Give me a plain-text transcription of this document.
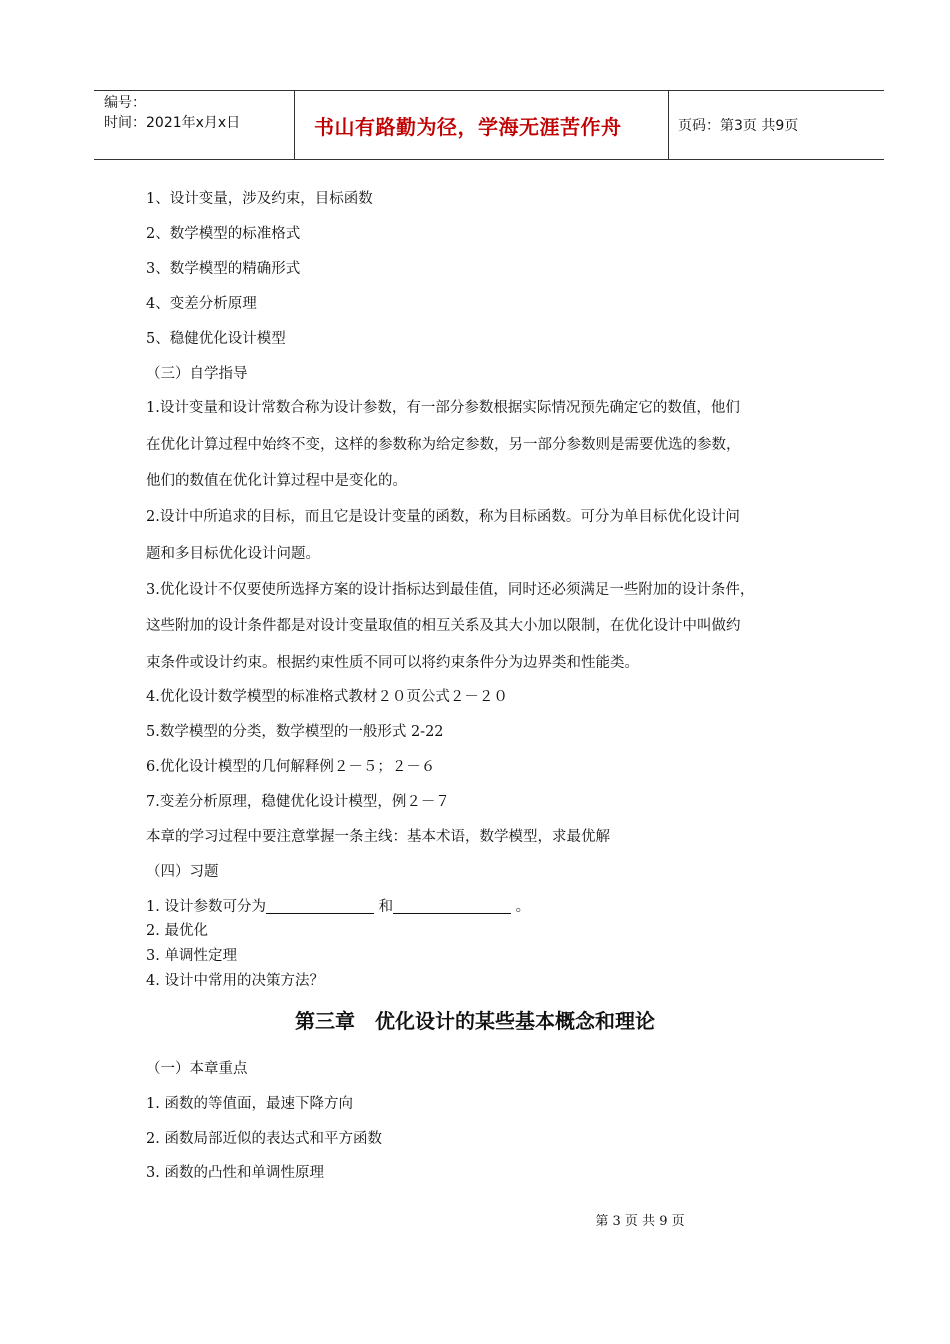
编号：
时间：2021年x月x日	书山有路勤为径，学海无涯苦作舟	页码：第3页 共9页
1、设计变量，涉及约束，目标函数
2、数学模型的标准格式
3、数学模型的精确形式
4、变差分析原理
5、稳健优化设计模型
（三）自学指导
1.设计变量和设计常数合称为设计参数，有一部分参数根据实际情况预先确定它的数值，他们
在优化计算过程中始终不变，这样的参数称为给定参数，另一部分参数则是需要优选的参数，
他们的数值在优化计算过程中是变化的。
2.设计中所追求的目标，而且它是设计变量的函数，称为目标函数。可分为单目标优化设计问
题和多目标优化设计问题。
3.优化设计不仅要使所选择方案的设计指标达到最佳值，同时还必须满足一些附加的设计条件，
这些附加的设计条件都是对设计变量取值的相互关系及其大小加以限制，在优化设计中叫做约
束条件或设计约束。根据约束性质不同可以将约束条件分为边界类和性能类。
4.优化设计数学模型的标准格式教材２０页公式２－２０
5.数学模型的分类，数学模型的一般形式 2-22
6.优化设计模型的几何解释例２－５；２－６
7.变差分析原理，稳健优化设计模型，例２－７
本章的学习过程中要注意掌握一条主线：基本术语，数学模型，求最优解
（四）习题
1. 设计参数可分为	和	。
2. 最优化
3. 单调性定理
4. 设计中常用的决策方法？
第三章　优化设计的某些基本概念和理论
（一）本章重点
1. 函数的等值面，最速下降方向
2. 函数局部近似的表达式和平方函数
3. 函数的凸性和单调性原理
第 3 页 共 9 页
